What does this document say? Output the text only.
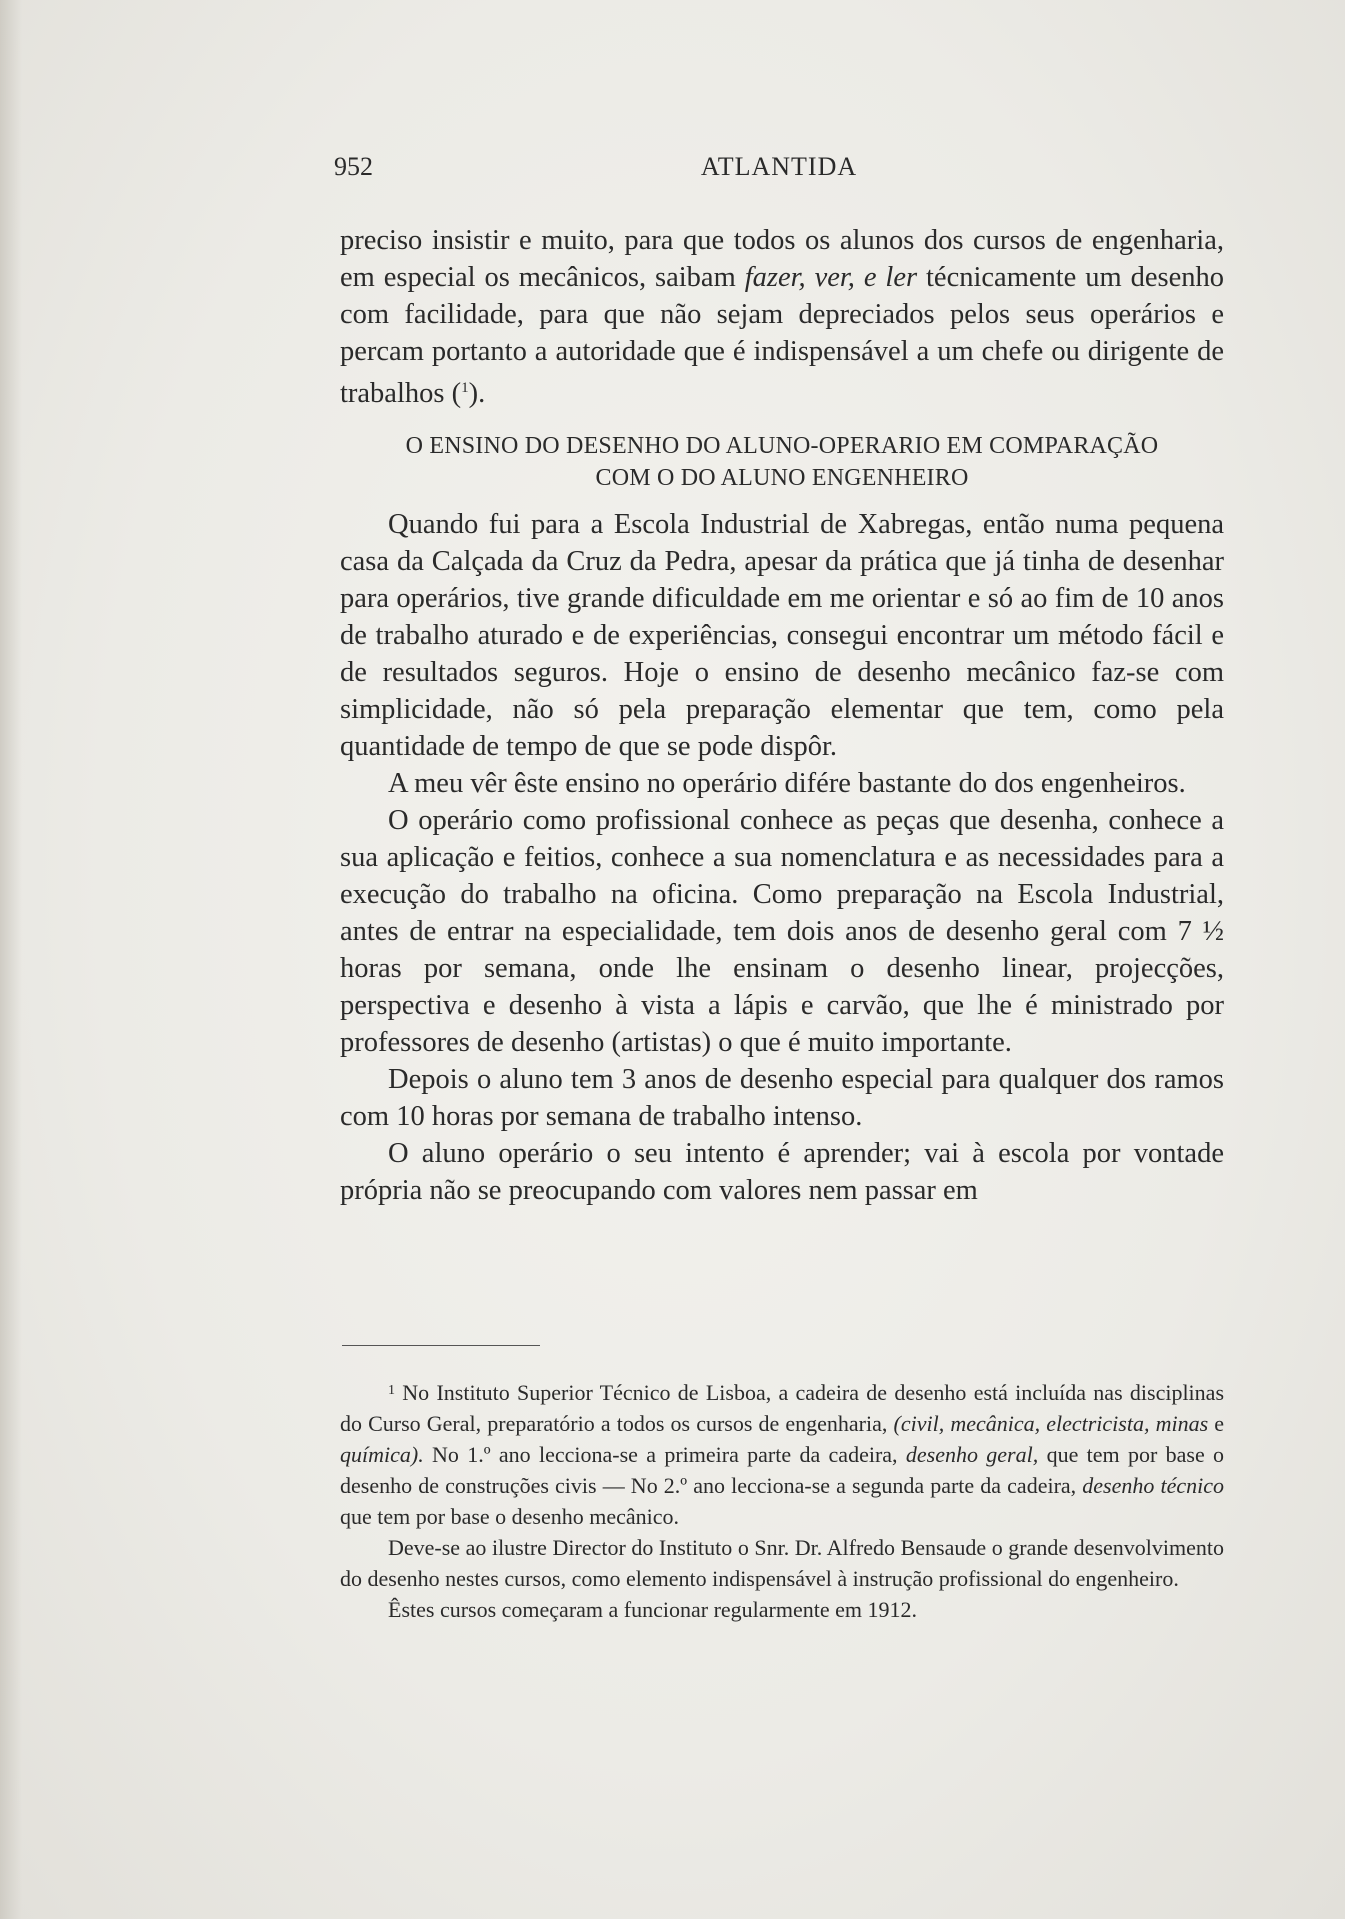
952	ATLANTIDA

preciso insistir e muito, para que todos os alunos dos cursos de engenharia, em especial os mecânicos, saibam fazer, ver, e ler técnicamente um desenho com facilidade, para que não sejam depreciados pelos seus operários e percam portanto a autoridade que é indispensável a um chefe ou dirigente de trabalhos ($^1$).

O ENSINO DO DESENHO DO ALUNO-OPERARIO EM COMPARAÇÃO
COM O DO ALUNO ENGENHEIRO

Quando fui para a Escola Industrial de Xabregas, então numa pequena casa da Calçada da Cruz da Pedra, apesar da prática que já tinha de desenhar para operários, tive grande dificuldade em me orientar e só ao fim de 10 anos de trabalho aturado e de experiências, consegui encontrar um método fácil e de resultados seguros. Hoje o ensino de desenho mecânico faz-se com simplicidade, não só pela preparação elementar que tem, como pela quantidade de tempo de que se pode dispôr.

A meu vêr êste ensino no operário difére bastante do dos engenheiros.

O operário como profissional conhece as peças que desenha, conhece a sua aplicação e feitios, conhece a sua nomenclatura e as necessidades para a execução do trabalho na oficina. Como preparação na Escola Industrial, antes de entrar na especialidade, tem dois anos de desenho geral com 7 ½ horas por semana, onde lhe ensinam o desenho linear, projecções, perspectiva e desenho à vista a lápis e carvão, que lhe é ministrado por professores de desenho (artistas) o que é muito importante.

Depois o aluno tem 3 anos de desenho especial para qualquer dos ramos com 10 horas por semana de trabalho intenso.

O aluno operário o seu intento é aprender; vai à escola por vontade própria não se preocupando com valores nem passar em

$^1$ No Instituto Superior Técnico de Lisboa, a cadeira de desenho está incluída nas disciplinas do Curso Geral, preparatório a todos os cursos de engenharia, (civil, mecânica, electricista, minas e química). No 1.º ano lecciona-se a primeira parte da cadeira, desenho geral, que tem por base o desenho de construções civis — No 2.º ano lecciona-se a segunda parte da cadeira, desenho técnico que tem por base o desenho mecânico.

Deve-se ao ilustre Director do Instituto o Snr. Dr. Alfredo Bensaude o grande desenvolvimento do desenho nestes cursos, como elemento indispensável à instrução profissional do engenheiro.

Êstes cursos começaram a funcionar regularmente em 1912.
